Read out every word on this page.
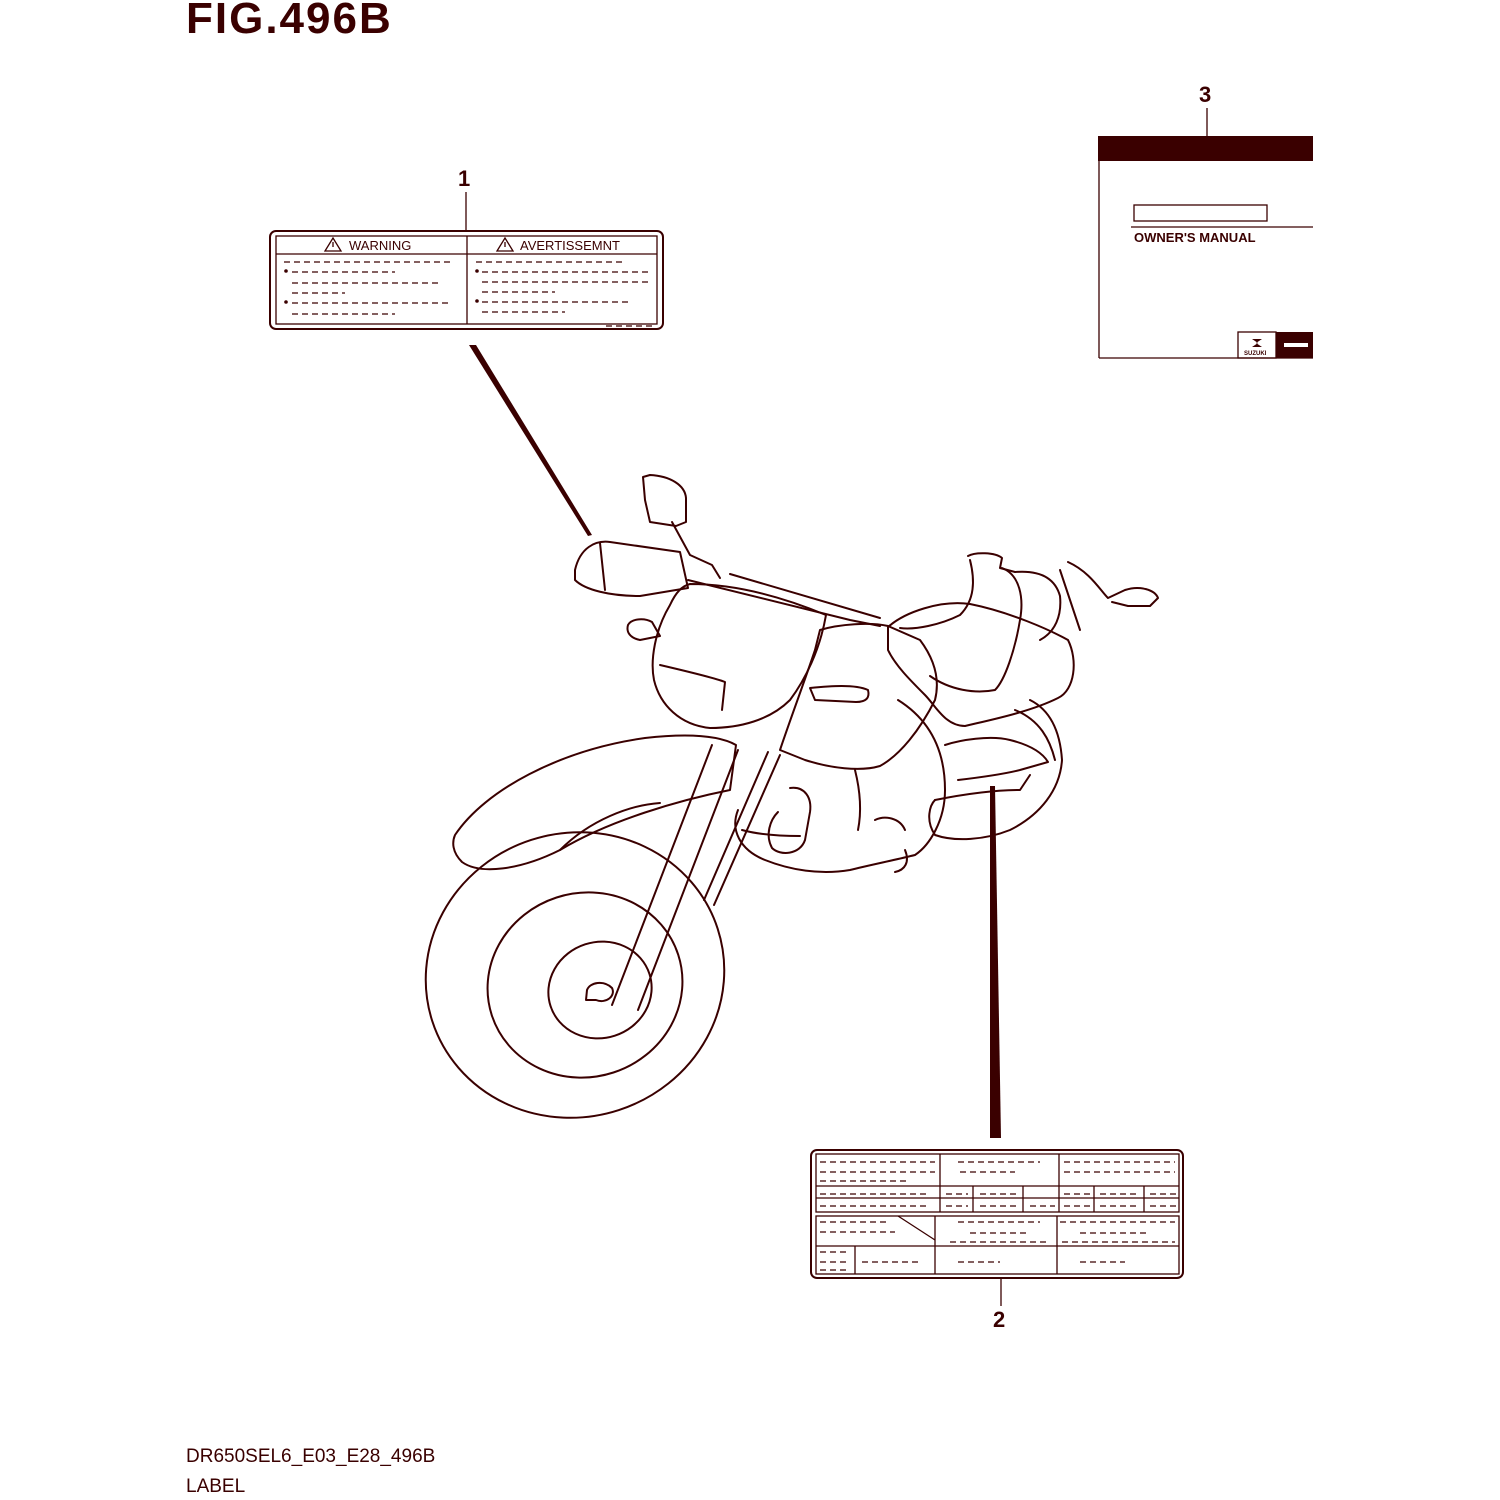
FIG.496B
1
WARNING	AVERTISSEMNT
3
OWNER'S MANUAL
SUZUKI
2
DR650SEL6_E03_E28_496B
LABEL
